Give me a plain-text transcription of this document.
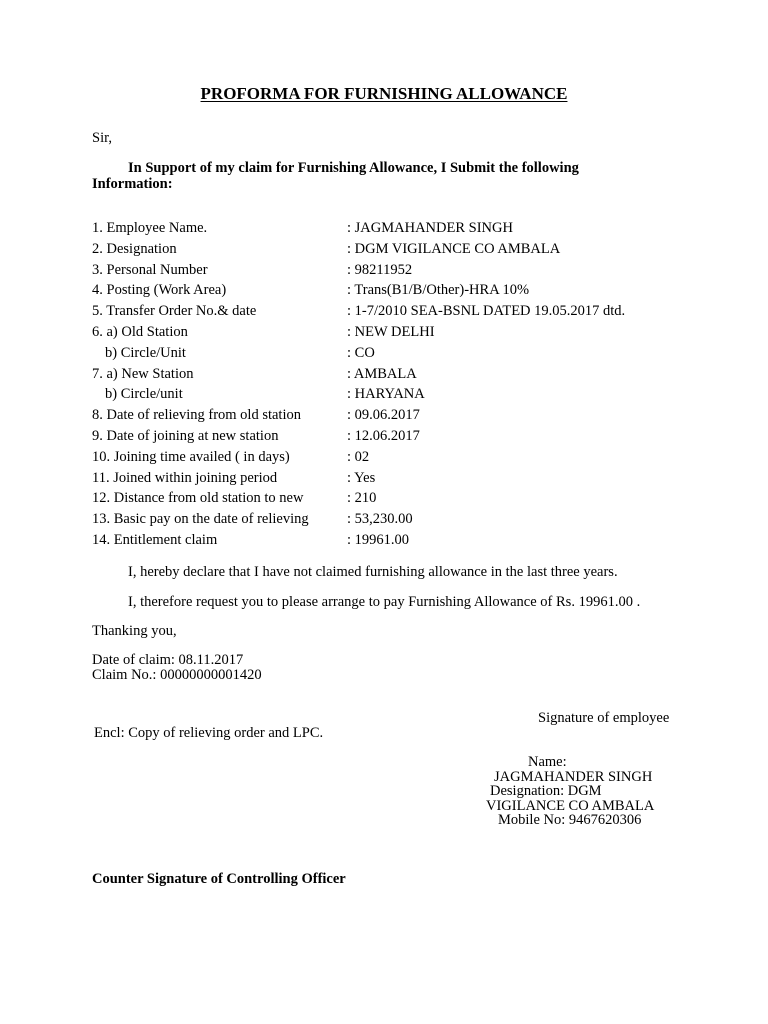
PROFORMA FOR FURNISHING ALLOWANCE
Sir,
In Support of my claim for Furnishing Allowance, I Submit the following
Information:
1. Employee Name.	: JAGMAHANDER SINGH
2. Designation	: DGM VIGILANCE CO AMBALA
3. Personal Number	: 98211952
4. Posting (Work Area)	: Trans(B1/B/Other)-HRA 10%
5. Transfer Order No.& date	: 1-7/2010 SEA-BSNL DATED 19.05.2017 dtd.
6. a) Old Station	: NEW DELHI
b) Circle/Unit	: CO
7. a) New Station	: AMBALA
b) Circle/unit	: HARYANA
8. Date of relieving from old station	: 09.06.2017
9. Date of joining at new station	: 12.06.2017
10. Joining time availed ( in days)	: 02
11. Joined within joining period	: Yes
12. Distance from old station to new	: 210
13. Basic pay on the date of relieving	: 53,230.00
14. Entitlement claim	: 19961.00
I, hereby declare that I have not claimed furnishing allowance in the last three years.
I, therefore request you to please arrange to pay Furnishing Allowance of Rs. 19961.00 .
Thanking you,
Date of claim: 08.11.2017
Claim No.: 00000000001420
Signature of employee
Encl: Copy of relieving order and LPC.
Name:
JAGMAHANDER SINGH
Designation: DGM
VIGILANCE CO AMBALA
Mobile No: 9467620306
Counter Signature of Controlling Officer
